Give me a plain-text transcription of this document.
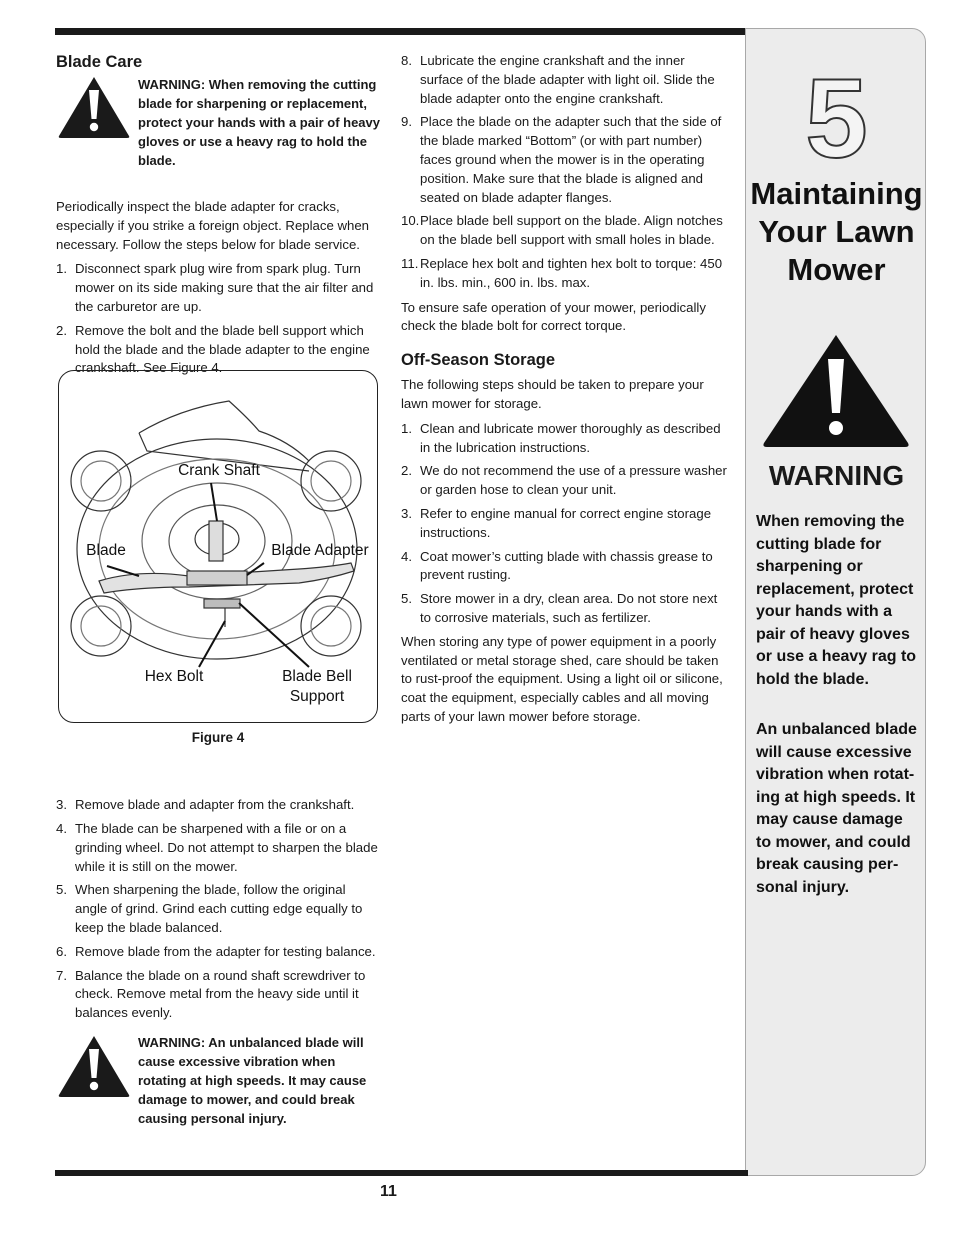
Blade Care

WARNING: When removing the cutting blade for sharpening or replacement, protect your hands with a pair of heavy gloves or use a heavy rag to hold the blade.

Periodically inspect the blade adapter for cracks, especially if you strike a foreign object. Replace when necessary. Follow the steps below for blade service.

1. Disconnect spark plug wire from spark plug. Turn mower on its side making sure that the air filter and the carburetor are up.
2. Remove the bolt and the blade bell support which hold the blade and the blade adapter to the engine crankshaft. See Figure 4.
3. Remove blade and adapter from the crankshaft.
4. The blade can be sharpened with a file or on a grinding wheel. Do not attempt to sharpen the blade while it is still on the mower.
5. When sharpening the blade, follow the original angle of grind. Grind each cutting edge equally to keep the blade balanced.
6. Remove blade from the adapter for testing balance.
7. Balance the blade on a round shaft screwdriver to check. Remove metal from the heavy side until it balances evenly.

WARNING: An unbalanced blade will cause excessive vibration when rotating at high speeds. It may cause damage to mower, and could break causing personal injury.

Crank Shaft
Blade	Blade Adapter
Hex Bolt	Blade Bell Support
Figure 4
8. Lubricate the engine crankshaft and the inner surface of the blade adapter with light oil. Slide the blade adapter onto the engine crankshaft.
9. Place the blade on the adapter such that the side of the blade marked “Bottom” (or with part number) faces ground when the mower is in the operating position. Make sure that the blade is aligned and seated on blade adapter flanges.
10. Place blade bell support on the blade. Align notches on the blade bell support with small holes in blade.
11. Replace hex bolt and tighten hex bolt to torque: 450 in. lbs. min., 600 in. lbs. max.

To ensure safe operation of your mower, periodically check the blade bolt for correct torque.

Off-Season Storage

The following steps should be taken to prepare your lawn mower for storage.

1. Clean and lubricate mower thoroughly as described in the lubrication instructions.
2. We do not recommend the use of a pressure washer or garden hose to clean your unit.
3. Refer to engine manual for correct engine storage instructions.
4. Coat mower’s cutting blade with chassis grease to prevent rusting.
5. Store mower in a dry, clean area. Do not store next to corrosive materials, such as fertilizer.

When storing any type of power equipment in a poorly ventilated or metal storage shed, care should be taken to rust-proof the equipment. Using a light oil or silicone, coat the equipment, especially cables and all moving parts of your lawn mower before storage.

5
Maintaining Your Lawn Mower
WARNING

When removing the cutting blade for sharpening or replacement, protect your hands with a pair of heavy gloves or use a heavy rag to hold the blade.

An unbalanced blade will cause excessive vibration when rotat-ing at high speeds. It may cause damage to mower, and could break causing per-sonal injury.

11
